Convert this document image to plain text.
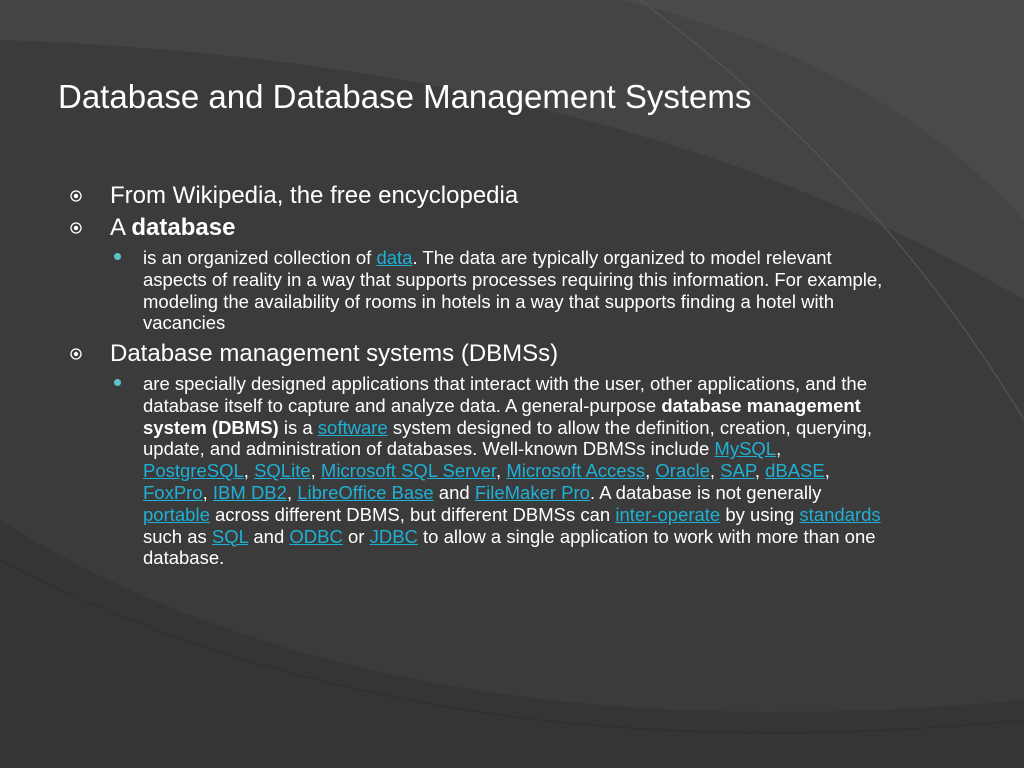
Database and Database Management Systems
From Wikipedia, the free encyclopedia
A database
is an organized collection of data. The data are typically organized to model relevant aspects of reality in a way that supports processes requiring this information. For example, modeling the availability of rooms in hotels in a way that supports finding a hotel with vacancies
Database management systems (DBMSs)
are specially designed applications that interact with the user, other applications, and the database itself to capture and analyze data. A general-purpose database management system (DBMS) is a software system designed to allow the definition, creation, querying, update, and administration of databases. Well-known DBMSs include MySQL, PostgreSQL, SQLite, Microsoft SQL Server, Microsoft Access, Oracle, SAP, dBASE, FoxPro, IBM DB2, LibreOffice Base and FileMaker Pro. A database is not generally portable across different DBMS, but different DBMSs can inter-operate by using standards such as SQL and ODBC or JDBC to allow a single application to work with more than one database.
